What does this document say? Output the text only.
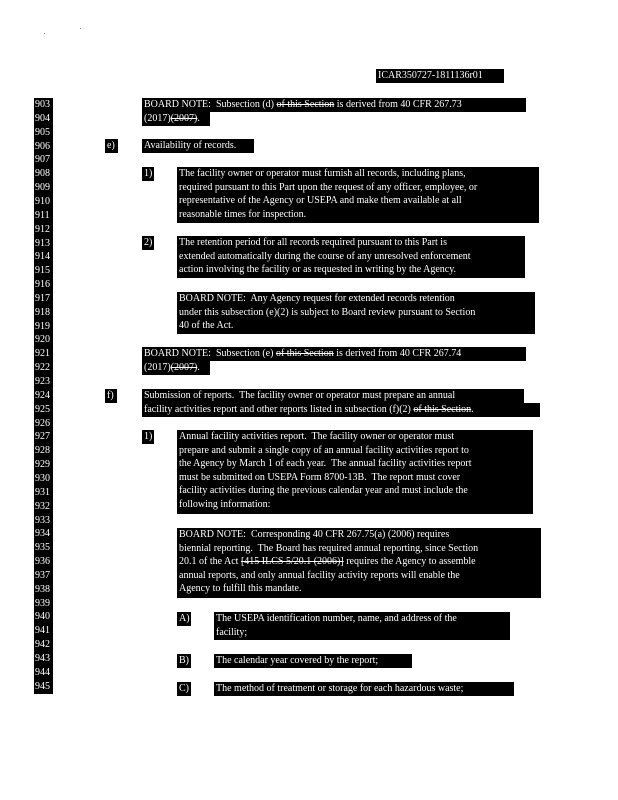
ICAR350727-1811136r01
903
904
905
906
907
908
909
910
911
912
913
914
915
916
917
918
919
920
921
922
923
924
925
926
927
928
929
930
931
932
933
934
935
936
937
938
939
940
941
942
943
944
945
BOARD NOTE:  Subsection (d) of this Section is derived from 40 CFR 267.73
(2017)(2007).
e)	Availability of records.
1)	The facility owner or operator must furnish all records, including plans,
required pursuant to this Part upon the request of any officer, employee, or
representative of the Agency or USEPA and make them available at all
reasonable times for inspection.
2)	The retention period for all records required pursuant to this Part is
extended automatically during the course of any unresolved enforcement
action involving the facility or as requested in writing by the Agency.
BOARD NOTE:  Any Agency request for extended records retention
under this subsection (e)(2) is subject to Board review pursuant to Section
40 of the Act.
BOARD NOTE:  Subsection (e) of this Section is derived from 40 CFR 267.74
(2017)(2007).
f)	Submission of reports.  The facility owner or operator must prepare an annual
facility activities report and other reports listed in subsection (f)(2) of this Section.
1)	Annual facility activities report.  The facility owner or operator must
prepare and submit a single copy of an annual facility activities report to
the Agency by March 1 of each year.  The annual facility activities report
must be submitted on USEPA Form 8700-13B.  The report must cover
facility activities during the previous calendar year and must include the
following information:
BOARD NOTE:  Corresponding 40 CFR 267.75(a) (2006) requires
biennial reporting.  The Board has required annual reporting, since Section
20.1 of the Act [415 ILCS 5/20.1 (2006)] requires the Agency to assemble
annual reports, and only annual facility activity reports will enable the
Agency to fulfill this mandate.
A)	The USEPA identification number, name, and address of the
facility;
B)	The calendar year covered by the report;
C)	The method of treatment or storage for each hazardous waste;
